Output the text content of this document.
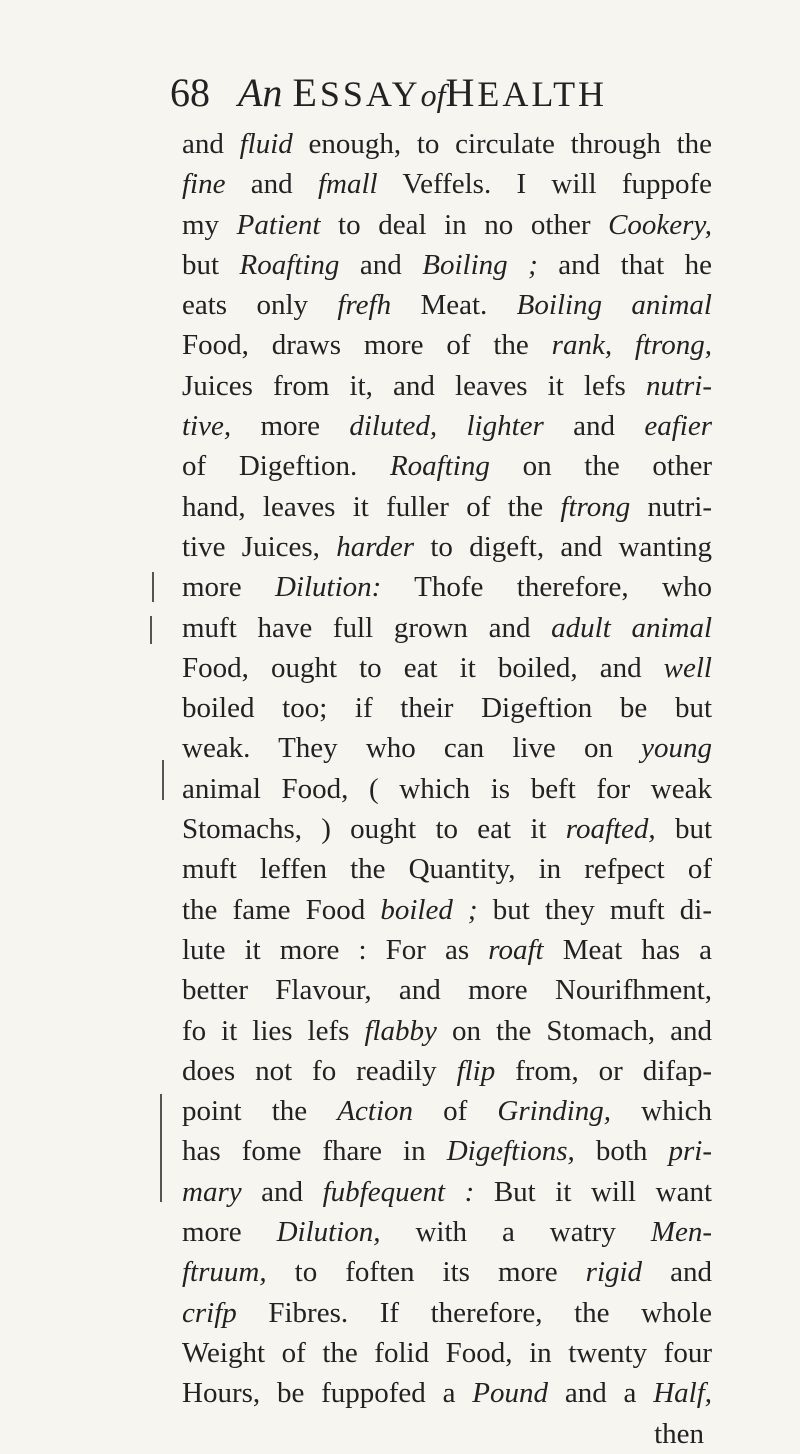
68 An ESSAYofHEALTH
and fluid enough, to circulate through the
fine and fmall Veffels. I will fuppofe
my Patient to deal in no other Cookery,
but Roafting and Boiling ; and that he
eats only frefh Meat. Boiling animal
Food, draws more of the rank, ftrong,
Juices from it, and leaves it lefs nutri-
tive, more diluted, lighter and eafier
of Digeftion. Roafting on the other
hand, leaves it fuller of the ftrong nutri-
tive Juices, harder to digeft, and wanting
more Dilution: Thofe therefore, who
muft have full grown and adult animal
Food, ought to eat it boiled, and well
boiled too; if their Digeftion be but
weak. They who can live on young
animal Food, ( which is beft for weak
Stomachs, ) ought to eat it roafted, but
muft leffen the Quantity, in refpect of
the fame Food boiled ; but they muft di-
lute it more : For as roaft Meat has a
better Flavour, and more Nourifhment,
fo it lies lefs flabby on the Stomach, and
does not fo readily flip from, or difap-
point the Action of Grinding, which
has fome fhare in Digeftions, both pri-
mary and fubfequent : But it will want
more Dilution, with a watry Men-
ftruum, to foften its more rigid and
crifp Fibres. If therefore, the whole
Weight of the folid Food, in twenty four
Hours, be fuppofed a Pound and a Half,
then
